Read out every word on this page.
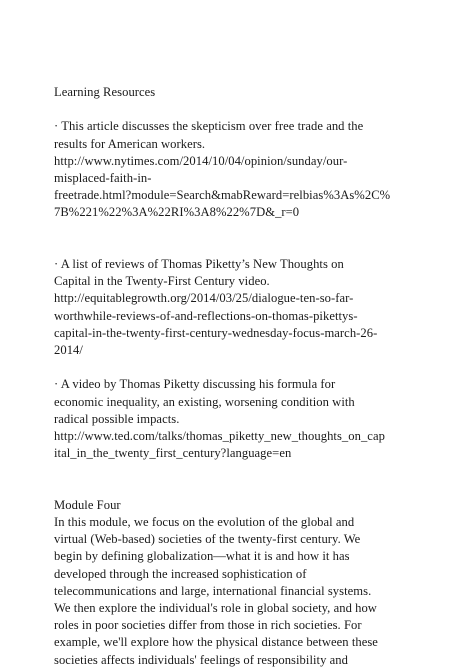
Learning Resources
· This article discusses the skepticism over free trade and the
results for American workers.
http://www.nytimes.com/2014/10/04/opinion/sunday/our-
misplaced-faith-in-
freetrade.html?module=Search&mabReward=relbias%3As%2C%
7B%221%22%3A%22RI%3A8%22%7D&_r=0
· A list of reviews of Thomas Piketty’s New Thoughts on
Capital in the Twenty-First Century video.
http://equitablegrowth.org/2014/03/25/dialogue-ten-so-far-
worthwhile-reviews-of-and-reflections-on-thomas-pikettys-
capital-in-the-twenty-first-century-wednesday-focus-march-26-
2014/
· A video by Thomas Piketty discussing his formula for
economic inequality, an existing, worsening condition with
radical possible impacts.
http://www.ted.com/talks/thomas_piketty_new_thoughts_on_cap
ital_in_the_twenty_first_century?language=en
Module Four
In this module, we focus on the evolution of the global and
virtual (Web-based) societies of the twenty-first century. We
begin by defining globalization—what it is and how it has
developed through the increased sophistication of
telecommunications and large, international financial systems.
We then explore the individual's role in global society, and how
roles in poor societies differ from those in rich societies. For
example, we'll explore how the physical distance between these
societies affects individuals' feelings of responsibility and
